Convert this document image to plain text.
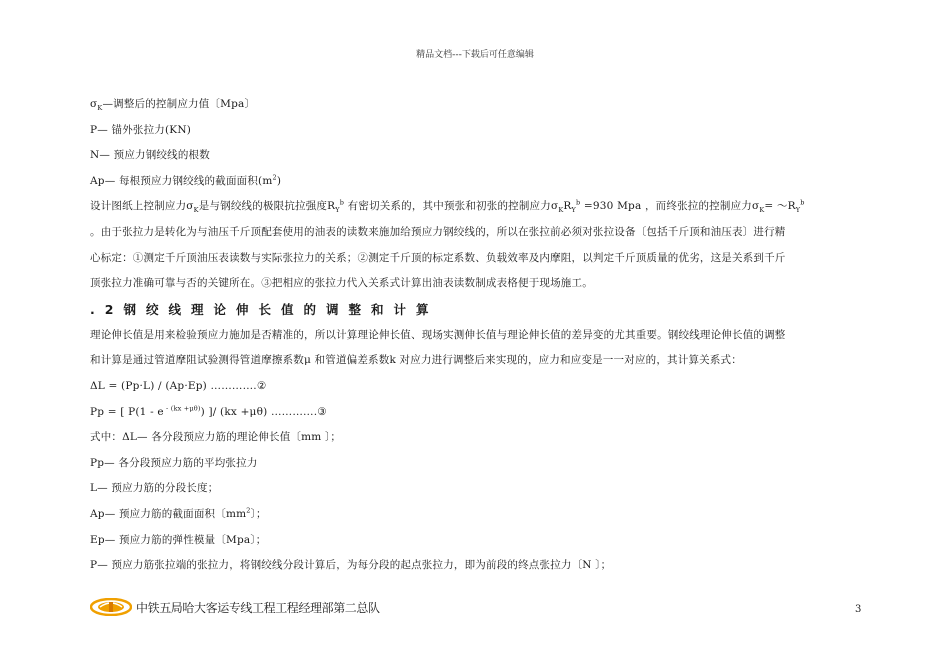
精品文档---下载后可任意编辑
$\sigma_K—$调整后的控制应力值〔Mpa〕
P— 锚外张拉力(KN)
N— 预应力钢绞线的根数
Ap— 每根预应力钢绞线的截面面积$(m^2)$
设计图纸上控制应力$\sigma_K$是与钢绞线的极限抗拉强度$R_Y^b$ 有密切关系的，其中预张和初张的控制应力$\sigma_KR_Y^b =930$ Mpa ，而终张拉的控制应力$\sigma_K=$ $\sim R_Y^b$
。由于张拉力是转化为与油压千斤顶配套使用的油表的读数来施加给预应力钢绞线的，所以在张拉前必须对张拉设备〔包括千斤顶和油压表〕进行精
心标定：①测定千斤顶油压表读数与实际张拉力的关系；②测定千斤顶的标定系数、负载效率及内摩阻，以判定千斤顶质量的优劣，这是关系到千斤
顶张拉力准确可靠与否的关键所在。③把相应的张拉力代入关系式计算出油表读数制成表格便于现场施工。
.2钢绞线理论伸长值的调整和计算
理论伸长值是用来检验预应力施加是否精准的，所以计算理论伸长值、现场实测伸长值与理论伸长值的差异变的尤其重要。钢绞线理论伸长值的调整
和计算是通过管道摩阻试验测得管道摩擦系数μ 和管道偏差系数k 对应力进行调整后来实现的，应力和应变是一一对应的，其计算关系式：
ΔL = (Pp·L) / (Ap·Ep) ………….②
Pp = [ P(1 - e $^{- (kx +\mu\theta)}$) ]/ (kx +μθ) ………….③
式中：ΔL— 各分段预应力筋的理论伸长值〔mm 〕；
Pp— 各分段预应力筋的平均张拉力
L— 预应力筋的分段长度；
Ap— 预应力筋的截面面积〔$mm^2$〕；
Ep— 预应力筋的弹性模量〔Mpa〕；
P— 预应力筋张拉端的张拉力，将钢绞线分段计算后，为每分段的起点张拉力，即为前段的终点张拉力〔N 〕；
中铁五局哈大客运专线工程工程经理部第二总队	3
